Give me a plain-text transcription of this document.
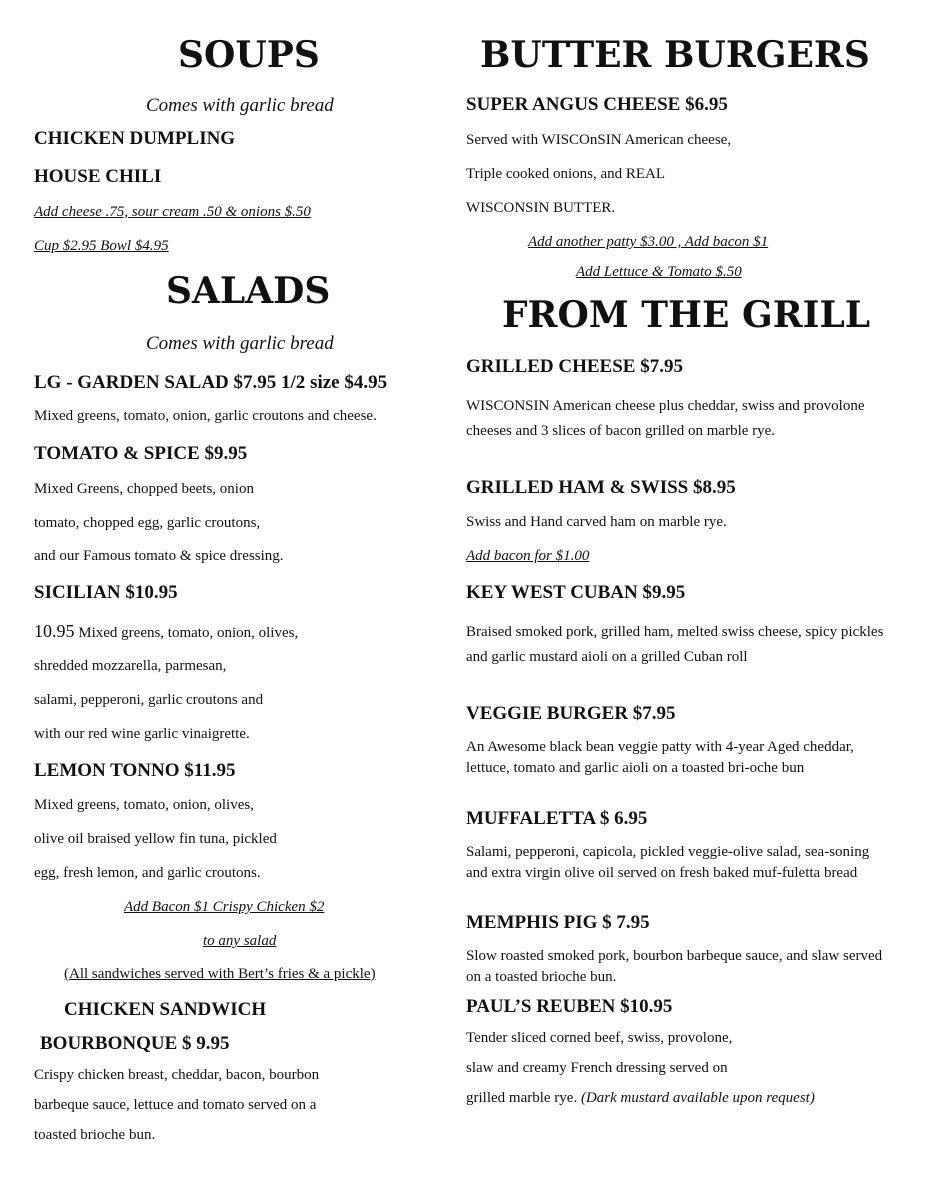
SOUPS
Comes with garlic bread
CHICKEN DUMPLING
HOUSE CHILI
Add cheese .75, sour cream .50 & onions $.50
Cup $2.95 Bowl $4.95
SALADS
Comes with garlic bread
LG - GARDEN SALAD $7.95 1/2 size $4.95
Mixed greens, tomato, onion, garlic croutons and cheese.
TOMATO & SPICE $9.95
Mixed Greens, chopped beets, onion
tomato, chopped egg, garlic croutons,
and our Famous tomato & spice dressing.
SICILIAN $10.95
10.95 Mixed greens, tomato, onion, olives,
shredded mozzarella, parmesan,
salami, pepperoni, garlic croutons and
with our red wine garlic vinaigrette.
LEMON TONNO $11.95
Mixed greens, tomato, onion, olives,
olive oil braised yellow fin tuna, pickled
egg, fresh lemon, and garlic croutons.
Add Bacon $1 Crispy Chicken $2
to any salad
(All sandwiches served with Bert’s fries & a pickle)
CHICKEN SANDWICH
BOURBONQUE $ 9.95
Crispy chicken breast, cheddar, bacon, bourbon
barbeque sauce, lettuce and tomato served on a
toasted brioche bun.
BUTTER BURGERS
SUPER ANGUS CHEESE $6.95
Served with WISCOnSIN American cheese,
Triple cooked onions, and REAL
WISCONSIN BUTTER.
Add another patty $3.00 , Add bacon $1
Add Lettuce & Tomato $.50
FROM THE GRILL
GRILLED CHEESE $7.95
WISCONSIN American cheese plus cheddar, swiss and provolone cheeses and 3 slices of bacon grilled on marble rye.
GRILLED HAM & SWISS $8.95
Swiss and Hand carved ham on marble rye.
Add bacon for $1.00
KEY WEST CUBAN $9.95
Braised smoked pork, grilled ham, melted swiss cheese, spicy pickles and garlic mustard aioli on a grilled Cuban roll
VEGGIE BURGER $7.95
An Awesome black bean veggie patty with 4-year Aged cheddar, lettuce, tomato and garlic aioli on a toasted bri-oche bun
MUFFALETTA $ 6.95
Salami, pepperoni, capicola, pickled veggie-olive salad, sea-soning and extra virgin olive oil served on fresh baked muf-fuletta bread
MEMPHIS PIG $ 7.95
Slow roasted smoked pork, bourbon barbeque sauce, and slaw served on a toasted brioche bun.
PAUL’S REUBEN $10.95
Tender sliced corned beef, swiss, provolone,
slaw and creamy French dressing served on
grilled marble rye. (Dark mustard available upon request)
